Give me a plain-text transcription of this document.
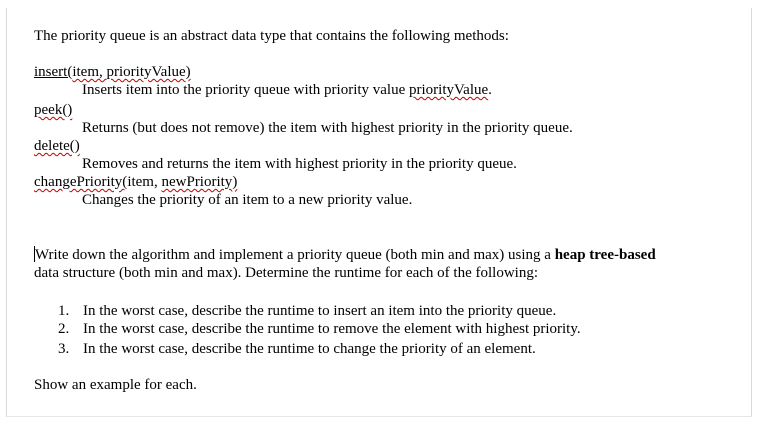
The priority queue is an abstract data type that contains the following methods:
insert(item, priorityValue)
Inserts item into the priority queue with priority value priorityValue.
peek()
Returns (but does not remove) the item with highest priority in the priority queue.
delete()
Removes and returns the item with highest priority in the priority queue.
changePriority(item, newPriority)
Changes the priority of an item to a new priority value.
Write down the algorithm and implement a priority queue (both min and max) using a heap tree-based
data structure (both min and max). Determine the runtime for each of the following:
1. In the worst case, describe the runtime to insert an item into the priority queue.
2. In the worst case, describe the runtime to remove the element with highest priority.
3. In the worst case, describe the runtime to change the priority of an element.
Show an example for each.
